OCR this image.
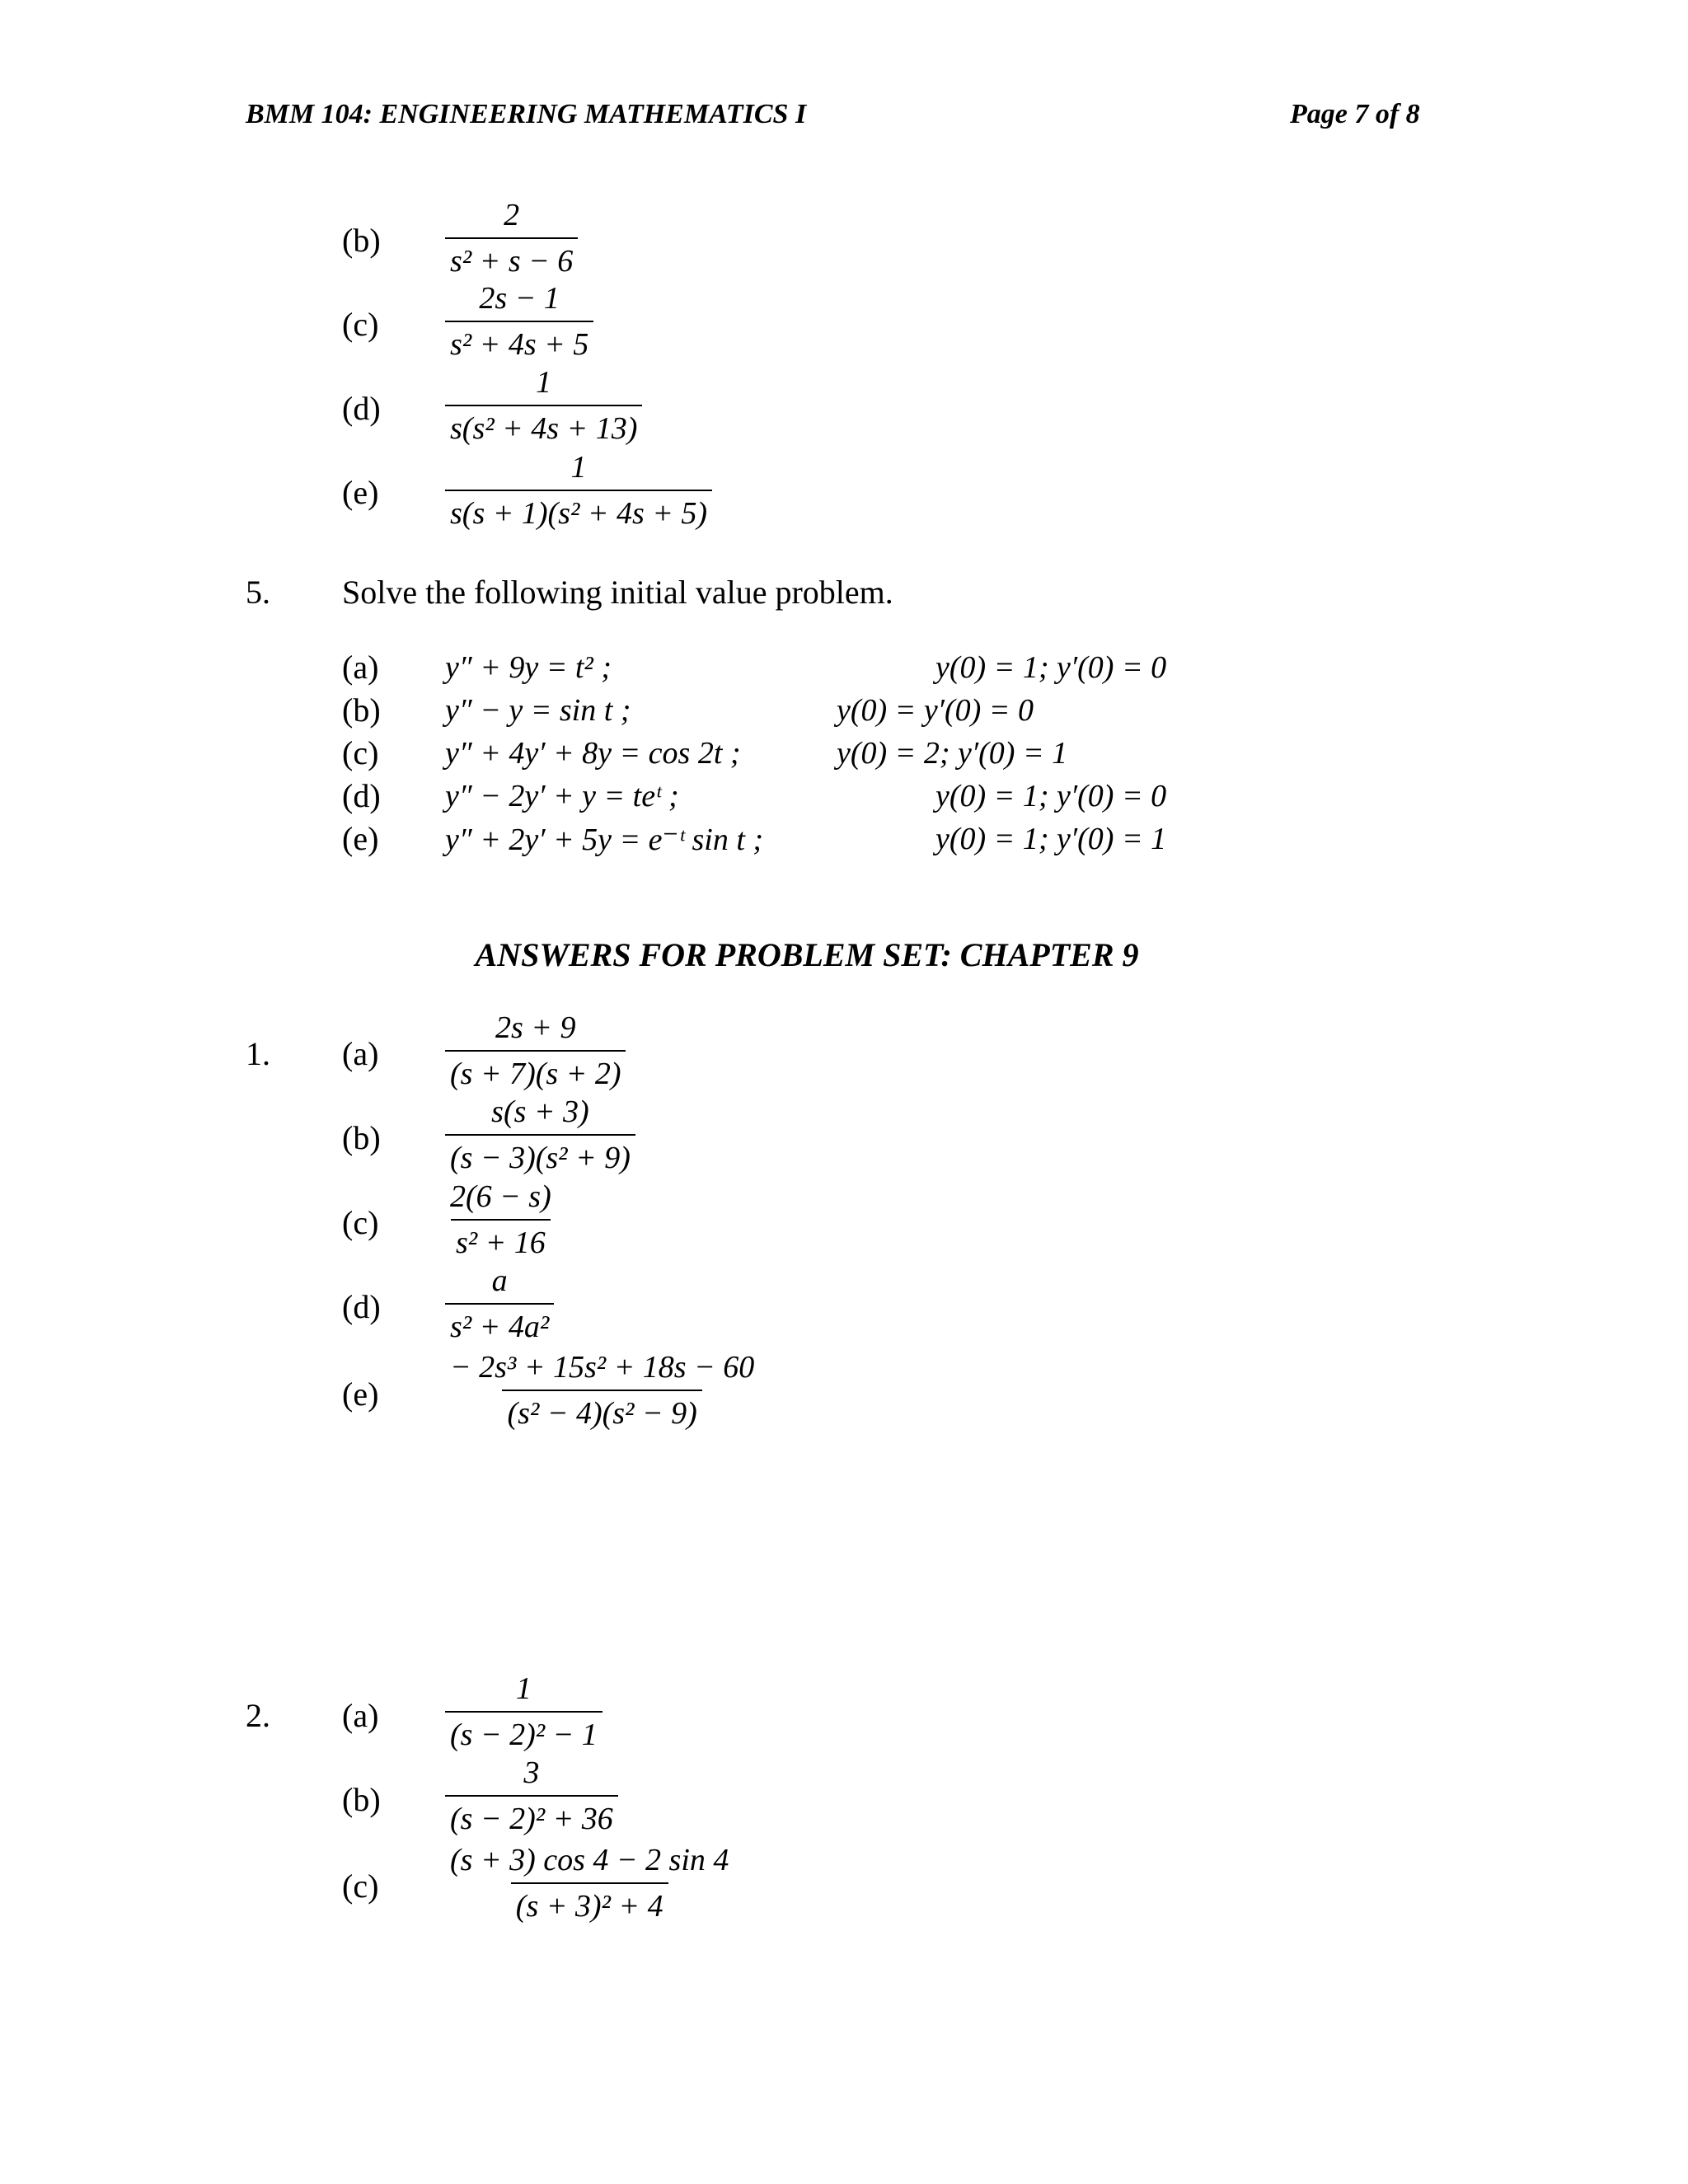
BMM 104: ENGINEERING MATHEMATICS I	Page 7 of 8
$(b) \frac{2}{\text{s² + s − 6}}$
$(c) \frac{2s - 1}{\text{s² + 4s + 5}}$
$(d) \frac{1}{\text{s(s² + 4s + 13)}}$
$(e) \frac{1}{\text{s(s + 1)(s² + 4s + 5)}}$
5. Solve the following initial value problem.
(a) y″ + 9y = t² ;	y(0) = 1; y′(0) = 0
(b) y″ − y = sin t ;	y(0) = y′(0) = 0
(c) y″ + 4y′ + 8y = cos 2t ;	y(0) = 2; y′(0) = 1
(d) y″ − 2y′ + y = teᵗ ;	y(0) = 1; y′(0) = 0
(e) y″ + 2y′ + 5y = e⁻ᵗ sin t ;	y(0) = 1; y′(0) = 1
ANSWERS FOR PROBLEM SET: CHAPTER 9
1. $(a) \frac{2s + 9}{(s + 7)(s + 2)}$
$(b) \frac{s(s + 3)}{\text{(s − 3)(s² + 9)}}$
$(c) \frac{2(6 - s)}{\text{s² + 16}}$
$(d) \frac{a}{\text{s² + 4a²}}$
$(e) \frac{\text{− 2s³ + 15s² + 18s − 60}}{\text{(s² − 4)(s² − 9)}}$
2. $(a) \frac{1}{\text{(s − 2)² − 1}}$
$(b) \frac{3}{\text{(s − 2)² + 36}}$
$(c) \frac{(s + 3) \cos 4 - 2 \sin 4}{\text{(s + 3)² + 4}}$
